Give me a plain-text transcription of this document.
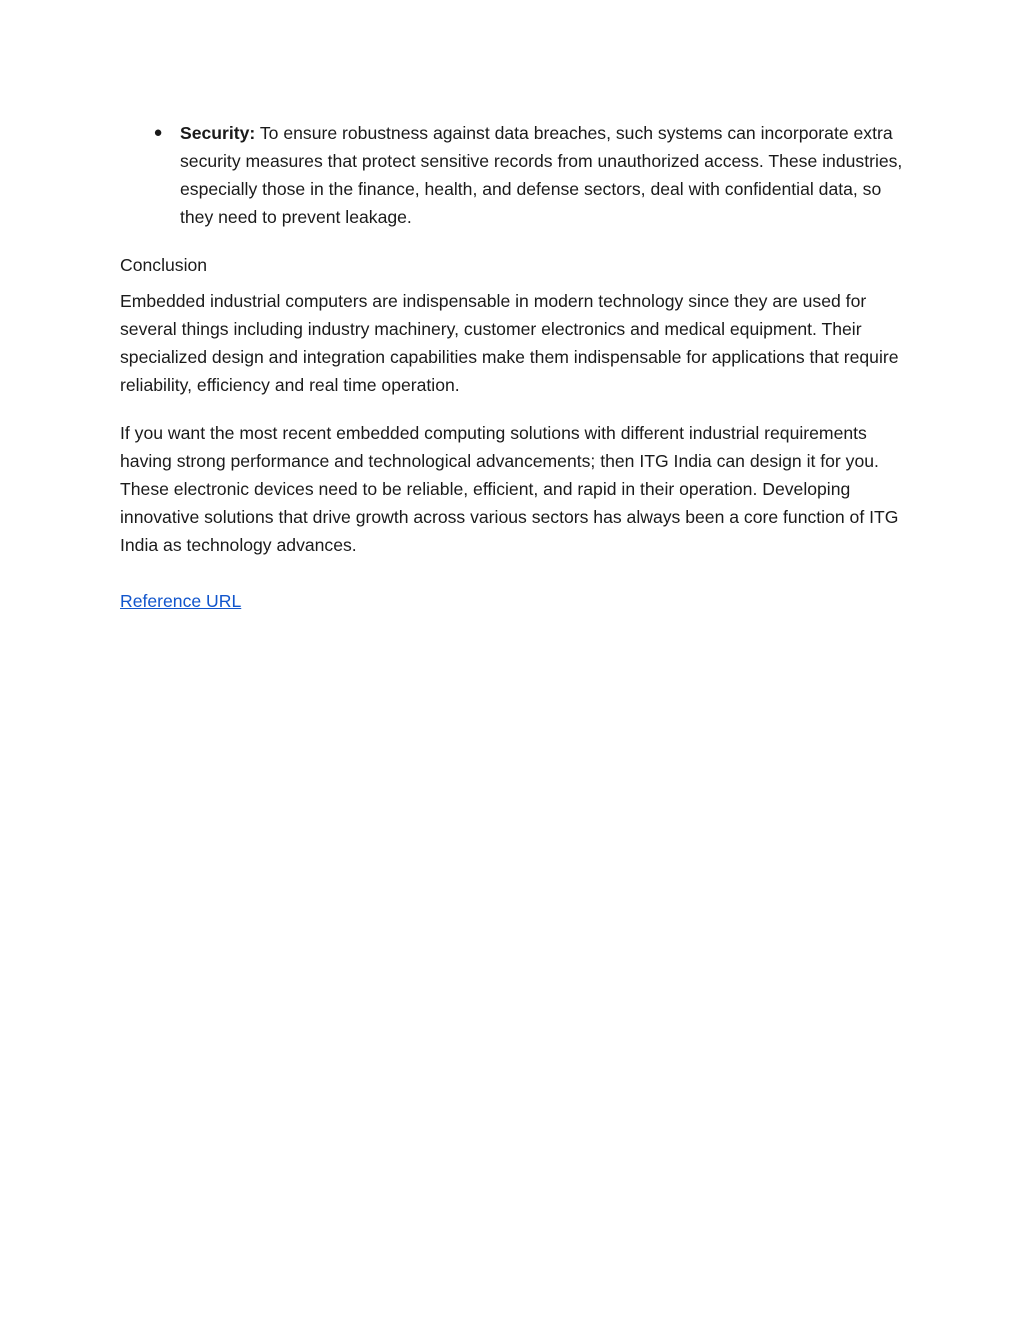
● Security: To ensure robustness against data breaches, such systems can incorporate extra security measures that protect sensitive records from unauthorized access. These industries, especially those in the finance, health, and defense sectors, deal with confidential data, so they need to prevent leakage.

Conclusion

Embedded industrial computers are indispensable in modern technology since they are used for several things including industry machinery, customer electronics and medical equipment. Their specialized design and integration capabilities make them indispensable for applications that require reliability, efficiency and real time operation.

If you want the most recent embedded computing solutions with different industrial requirements having strong performance and technological advancements; then ITG India can design it for you. These electronic devices need to be reliable, efficient, and rapid in their operation. Developing innovative solutions that drive growth across various sectors has always been a core function of ITG India as technology advances.

Reference URL
